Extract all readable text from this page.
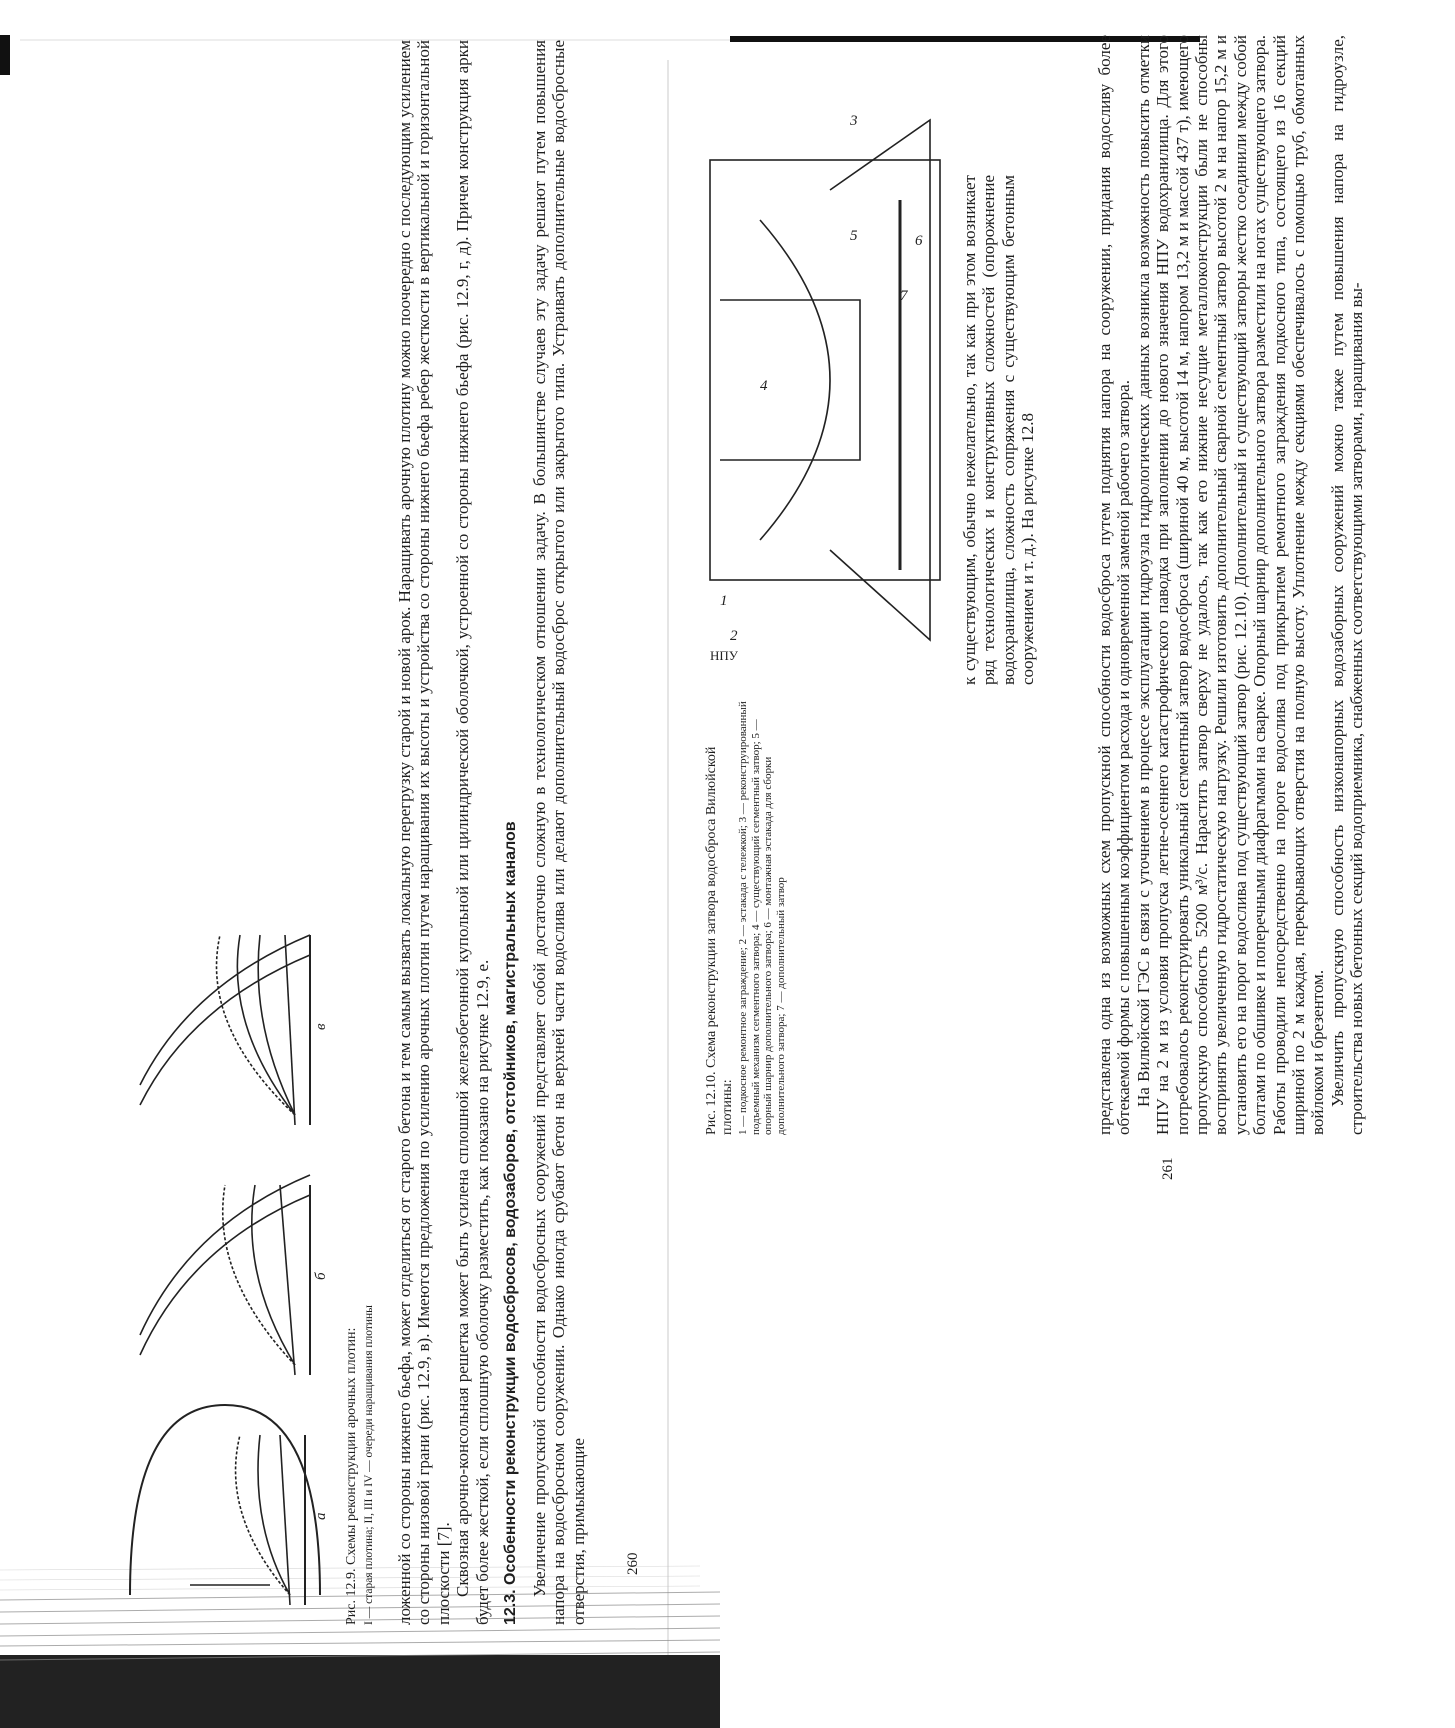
а
б
в
Рис. 12.9. Схемы реконструкции арочных плотин: I — старая плотина; II, III и IV — очереди наращивания плотины ложенной со стороны нижнего бьефа, может отделиться от старого бетона и тем самым вызвать локальную перегрузку старой и новой арок. Наращивать арочную плотину можно поочередно с последующим усилением со стороны низовой грани (рис. 12.9, в). Имеются предложения по усилению арочных плотин путем наращивания их высоты и устройства со стороны нижнего бьефа ребер жесткости в вертикальной и горизонтальной плоскости [7]. Сквозная арочно-консольная решетка может быть усилена сплошной железобетонной купольной или цилиндрической оболочкой, устроенной со стороны нижнего бьефа (рис. 12.9, г, д). Причем конструкция арки будет более жесткой, если сплошную оболочку разместить, как показано на рисунке 12.9, е. 12.3. Особенности реконструкции водосбросов, водозаборов, отстойников, магистральных каналов Увеличение пропускной способности водосбросных сооружений представляет собой достаточно сложную в технологическом отношении задачу. В большинстве случаев эту задачу решают путем повышения напора на водосбросном сооружении. Однако иногда срубают бетон на верхней части водослива или делают дополнительный водосброс открытого или закрытого типа. Устраивать дополнительные водосбросные отверстия, примыкающие 260
Рис. 12.10. Схема реконструкции затвора водосброса Вилюйской плотины: 1 — подкосное ремонтное заграждение; 2 — эстакада с тележкой; 3 — реконструированный подъемный механизм сегментного затвора; 4 — существующий сегментный затвор; 5 — опорный шарнир дополнительного затвора; 6 — монтажная эстакада для сборки дополнительного затвора; 7 — дополнительный затвор
1
2
3
4
5	6
7
НПУ	к существующим, обычно нежелательно, так как при этом возникает ряд технологических и конструктивных сложностей (опорожнение водохранилища, сложность сопряжения с существующим бетонным сооружением и т. д.). На рисунке 12.8	представлена одна из возможных схем пропускной способности водосброса путем поднятия напора на сооружении, придания водосливу более обтекаемой формы с повышенным коэффициентом расхода и одновременной заменой рабочего затвора. На Вилюйской ГЭС в связи с уточнением в процессе эксплуатации гидроузла гидрологических данных возникла возможность повысить отметки НПУ на 2 м из условия пропуска летне-осеннего катастрофического паводка при заполнении до нового значения НПУ водохранилища. Для этого потребовалось реконструировать уникальный сегментный затвор водосброса (шириной 40 м, высотой 14 м, напором 13,2 м и массой 437 т), имеющего пропускную способность 5200 м³/с. Нарастить затвор сверху не удалось, так как его нижние несущие металлоконструкции были не способны воспринять увеличенную гидростатическую нагрузку. Решили изготовить дополнительный сварной сегментный затвор высотой 2 м на напор 15,2 м и установить его на порог водослива под существующий затвор (рис. 12.10). Дополнительный и существующий затворы жестко соединили между собой болтами по обшивке и поперечными диафрагмами на сварке. Опорный шарнир дополнительного затвора разместили на ногах существующего затвора. Работы проводили непосредственно на пороге водослива под прикрытием ремонтного заграждения подкосного типа, состоящего из 16 секций шириной по 2 м каждая, перекрывающих отверстия на полную высоту. Уплотнение между секциями обеспечивалось с помощью труб, обмотанных войлоком и брезентом. Увеличить пропускную способность низконапорных водозаборных сооружений можно также путем повышения напора на гидроузле, строительства новых бетонных секций водоприемника, снабженных соответствующими затворами, наращивания вы-

261
